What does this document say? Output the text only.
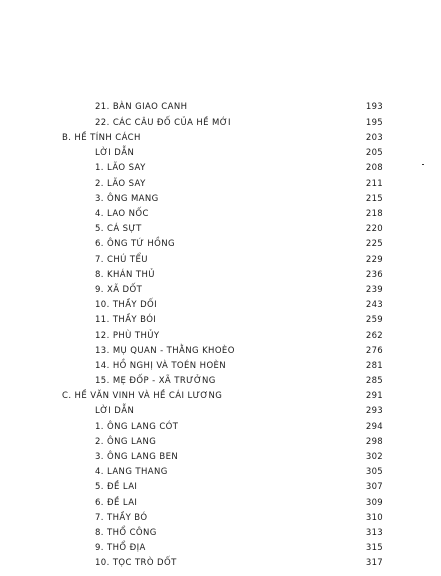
21. BÀN GIAO CANH	193
22. CÁC CÂU ĐỐ CỦA HỀ MỚI	195
B. HỀ TÍNH CÁCH	203
LỜI DẪN	205
1. LÃO SAY	208
2. LÃO SAY	211
3. ÔNG MANG	215
4. LAO NỐC	218
5. CÁ SỰT	220
6. ÔNG TỨ HỒNG	225
7. CHÚ TỂU	229
8. KHÁN THỦ	236
9. XÃ DỐT	239
10. THẦY DỐI	243
11. THẦY BÓI	259
12. PHÙ THỦY	262
13. MỤ QUAN - THẰNG KHOÈO	276
14. HỒ NGHỊ VÀ TOÉN HOÈN	281
15. MẸ ĐỐP - XÃ TRƯỞNG	285
C. HỀ VĂN VINH VÀ HỀ CÁI LƯƠNG	291
LỜI DẪN	293
1. ÔNG LANG CÓT	294
2. ÔNG LANG	298
3. ÔNG LANG BEN	302
4. LANG THANG	305
5. ĐỀ LAI	307
6. ĐỀ LAI	309
7. THẦY BÓ	310
8. THỔ CÔNG	313
9. THỔ ĐỊA	315
10. TỌC TRÒ DỐT	317
